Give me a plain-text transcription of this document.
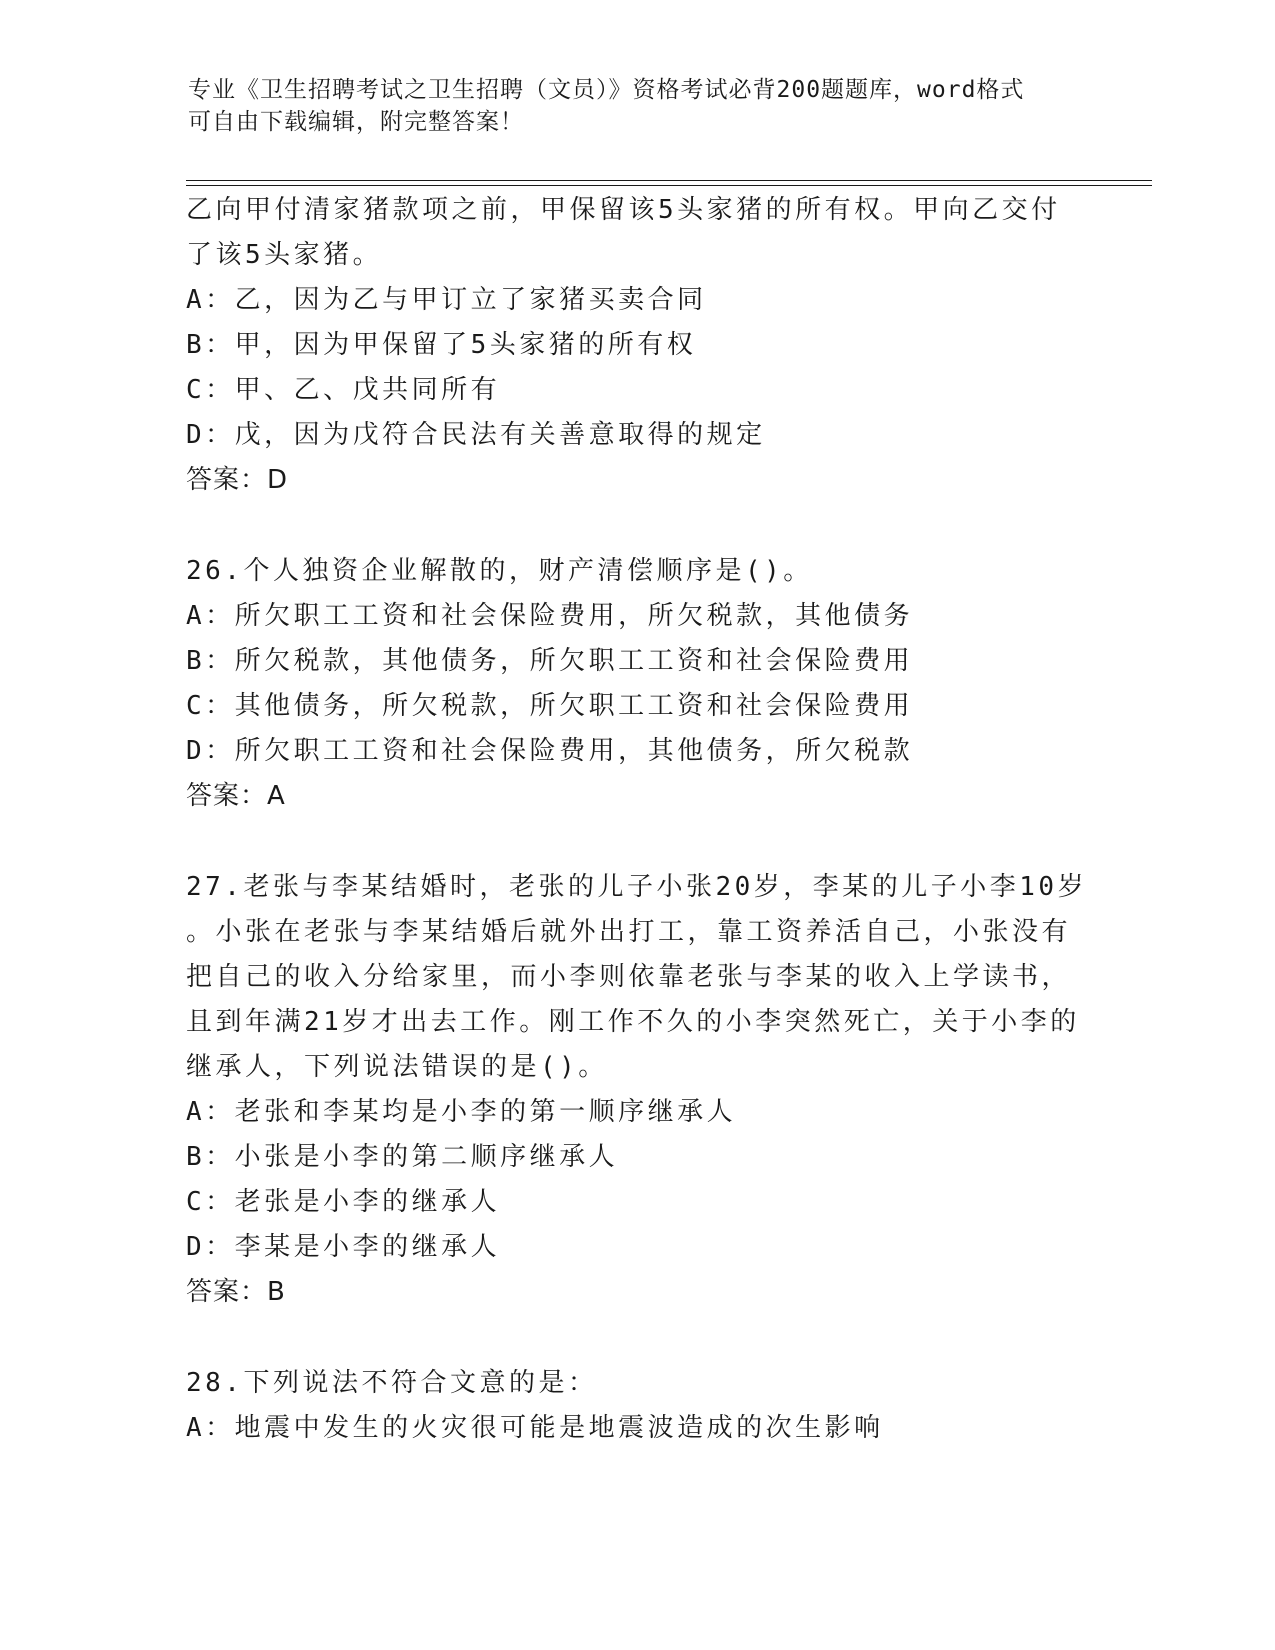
专业《卫生招聘考试之卫生招聘（文员）》资格考试必背200题题库，word格式
可自由下载编辑，附完整答案！
乙向甲付清家猪款项之前，甲保留该5头家猪的所有权。甲向乙交付
了该5头家猪。
A：乙，因为乙与甲订立了家猪买卖合同
B：甲，因为甲保留了5头家猪的所有权
C：甲、乙、戊共同所有
D：戊，因为戊符合民法有关善意取得的规定
答案：D
26.个人独资企业解散的，财产清偿顺序是()。
A：所欠职工工资和社会保险费用，所欠税款，其他债务
B：所欠税款，其他债务，所欠职工工资和社会保险费用
C：其他债务，所欠税款，所欠职工工资和社会保险费用
D：所欠职工工资和社会保险费用，其他债务，所欠税款
答案：A
27.老张与李某结婚时，老张的儿子小张20岁，李某的儿子小李10岁
。小张在老张与李某结婚后就外出打工，靠工资养活自己，小张没有
把自己的收入分给家里，而小李则依靠老张与李某的收入上学读书，
且到年满21岁才出去工作。刚工作不久的小李突然死亡，关于小李的
继承人，下列说法错误的是()。
A：老张和李某均是小李的第一顺序继承人
B：小张是小李的第二顺序继承人
C：老张是小李的继承人
D：李某是小李的继承人
答案：B
28.下列说法不符合文意的是：
A：地震中发生的火灾很可能是地震波造成的次生影响
